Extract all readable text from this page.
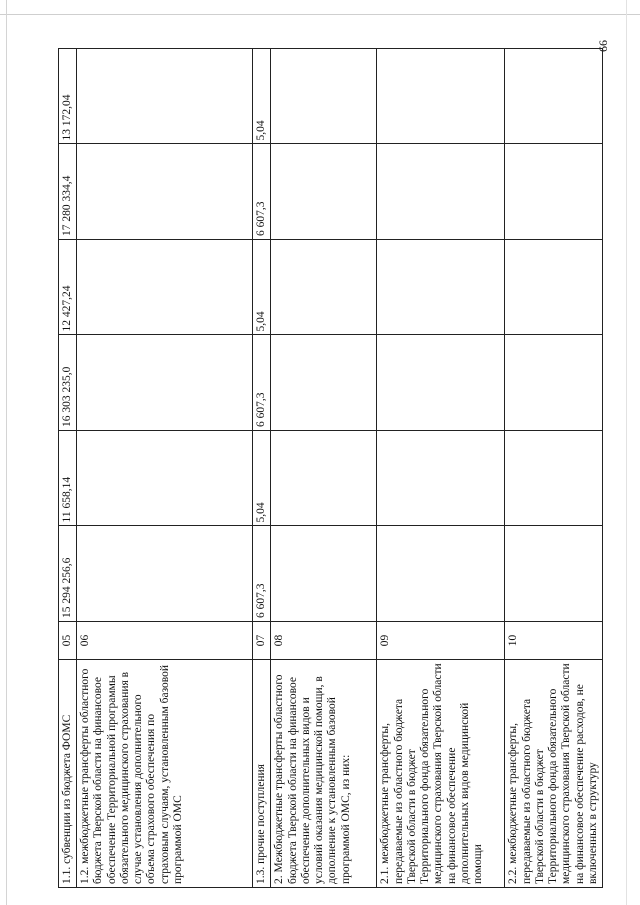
66
1.1. субвенции из бюджета ФОМС	05	15 294 256,6	11 658,14	16 303 235,0	12 427,24	17 280 334,4	13 172,04
1.2. межбюджетные трансферты областного бюджета Тверской области на финансовое обеспечение Территориальной программы обязательного медицинского страхования в случае установления дополнительного объема страхового обеспечения по страховым случаям, установленным базовой программой ОМС	06						
1.3. прочие поступления	07	6 607,3	5,04	6 607,3	5,04	6 607,3	5,04
2. Межбюджетные трансферты областного бюджета Тверской области на финансовое обеспечение дополнительных видов и условий оказания медицинской помощи, в дополнение к установленным базовой программой ОМС, из них:	08						
2.1. межбюджетные трансферты, передаваемые из областного бюджета Тверской области в бюджет Территориального фонда обязательного медицинского страхования Тверской области на финансовое обеспечение дополнительных видов медицинской помощи	09						
2.2. межбюджетные трансферты, передаваемые из областного бюджета Тверской области в бюджет Территориального фонда обязательного медицинского страхования Тверской области на финансовое обеспечение расходов, не включенных в структуру	10						
